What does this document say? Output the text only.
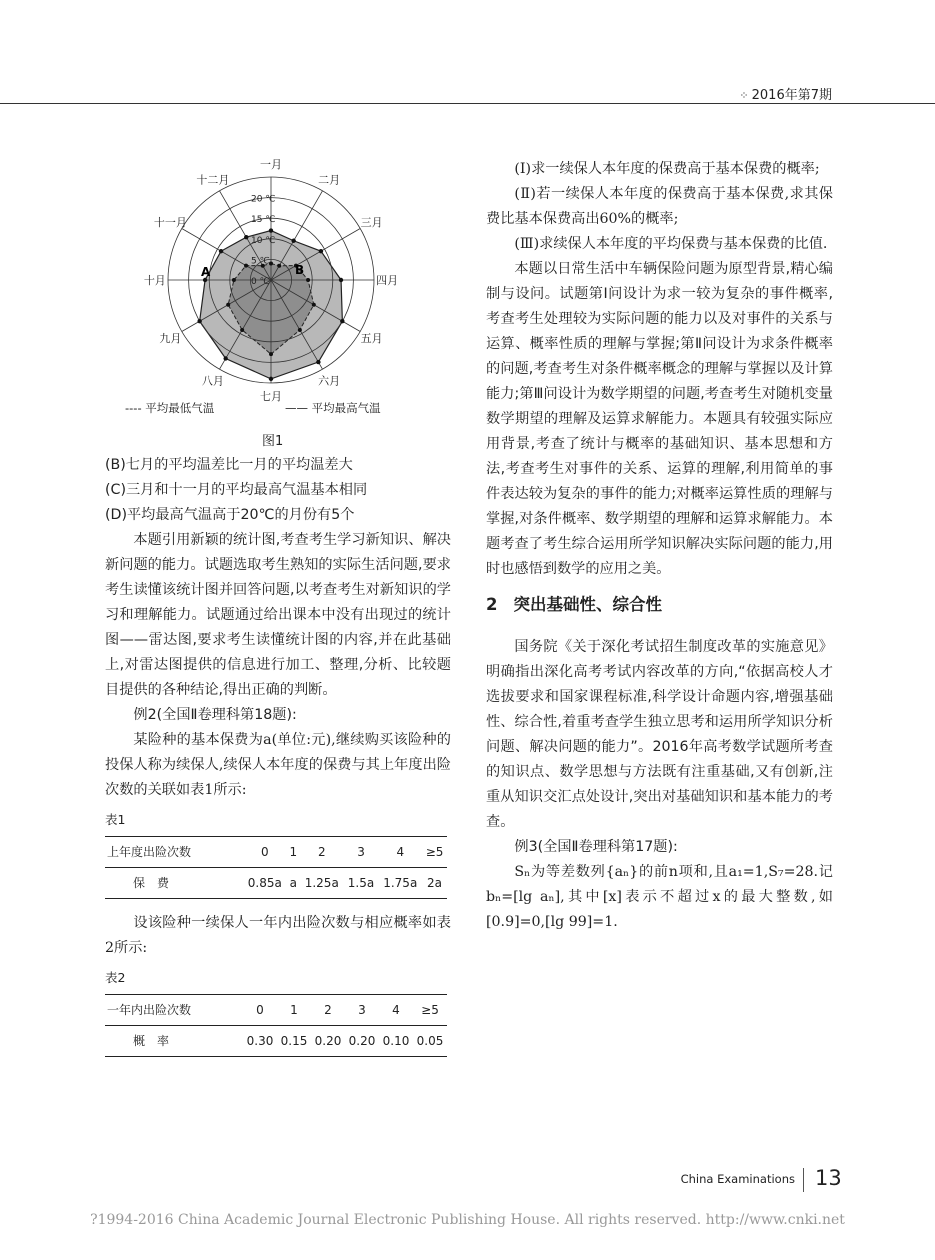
⁘ 2016年第7期
20 ℃
15 ℃
10 ℃
5 ℃
0 ℃
一月
二月
三月
四月
五月
六月
七月
八月
九月
十月
十一月
十二月
A	B
---- 平均最低气温	—— 平均最高气温
图1

(B)七月的平均温差比一月的平均温差大

(C)三月和十一月的平均最高气温基本相同

(D)平均最高气温高于20℃的月份有5个

本题引用新颖的统计图,考查考生学习新知识、解决新问题的能力。试题选取考生熟知的实际生活问题,要求考生读懂该统计图并回答问题,以考查考生对新知识的学习和理解能力。试题通过给出课本中没有出现过的统计图——雷达图,要求考生读懂统计图的内容,并在此基础上,对雷达图提供的信息进行加工、整理,分析、比较题目提供的各种结论,得出正确的判断。

例2(全国Ⅱ卷理科第18题):

某险种的基本保费为a(单位:元),继续购买该险种的投保人称为续保人,续保人本年度的保费与其上年度出险次数的关联如表1所示:

表1

上年度出险次数	0	1	2	3	4	≥5
保　费	0.85a	a	1.25a	1.5a	1.75a	2a

设该险种一续保人一年内出险次数与相应概率如表2所示:

表2

一年内出险次数	0	1	2	3	4	≥5
概　率	0.30	0.15	0.20	0.20	0.10	0.05

(Ⅰ)求一续保人本年度的保费高于基本保费的概率;

(Ⅱ)若一续保人本年度的保费高于基本保费,求其保费比基本保费高出60%的概率;

(Ⅲ)求续保人本年度的平均保费与基本保费的比值.

本题以日常生活中车辆保险问题为原型背景,精心编制与设问。试题第Ⅰ问设计为求一较为复杂的事件概率,考查考生处理较为实际问题的能力以及对事件的关系与运算、概率性质的理解与掌握;第Ⅱ问设计为求条件概率的问题,考查考生对条件概率概念的理解与掌握以及计算能力;第Ⅲ问设计为数学期望的问题,考查考生对随机变量数学期望的理解及运算求解能力。本题具有较强实际应用背景,考查了统计与概率的基础知识、基本思想和方法,考查考生对事件的关系、运算的理解,利用简单的事件表达较为复杂的事件的能力;对概率运算性质的理解与掌握,对条件概率、数学期望的理解和运算求解能力。本题考查了考生综合运用所学知识解决实际问题的能力,用时也感悟到数学的应用之美。

2 突出基础性、综合性

国务院《关于深化考试招生制度改革的实施意见》明确指出深化高考考试内容改革的方向,“依据高校人才选拔要求和国家课程标准,科学设计命题内容,增强基础性、综合性,着重考查学生独立思考和运用所学知识分析问题、解决问题的能力”。2016年高考数学试题所考查的知识点、数学思想与方法既有注重基础,又有创新,注重从知识交汇点处设计,突出对基础知识和基本能力的考查。

例3(全国Ⅱ卷理科第17题):

Sₙ为等差数列{aₙ}的前n项和,且a₁=1,S₇=28.记bₙ=[lg aₙ],其中[x]表示不超过x的最大整数,如[0.9]=0,[lg 99]=1.

China Examinations 13
?1994-2016 China Academic Journal Electronic Publishing House. All rights reserved. http://www.cnki.net
